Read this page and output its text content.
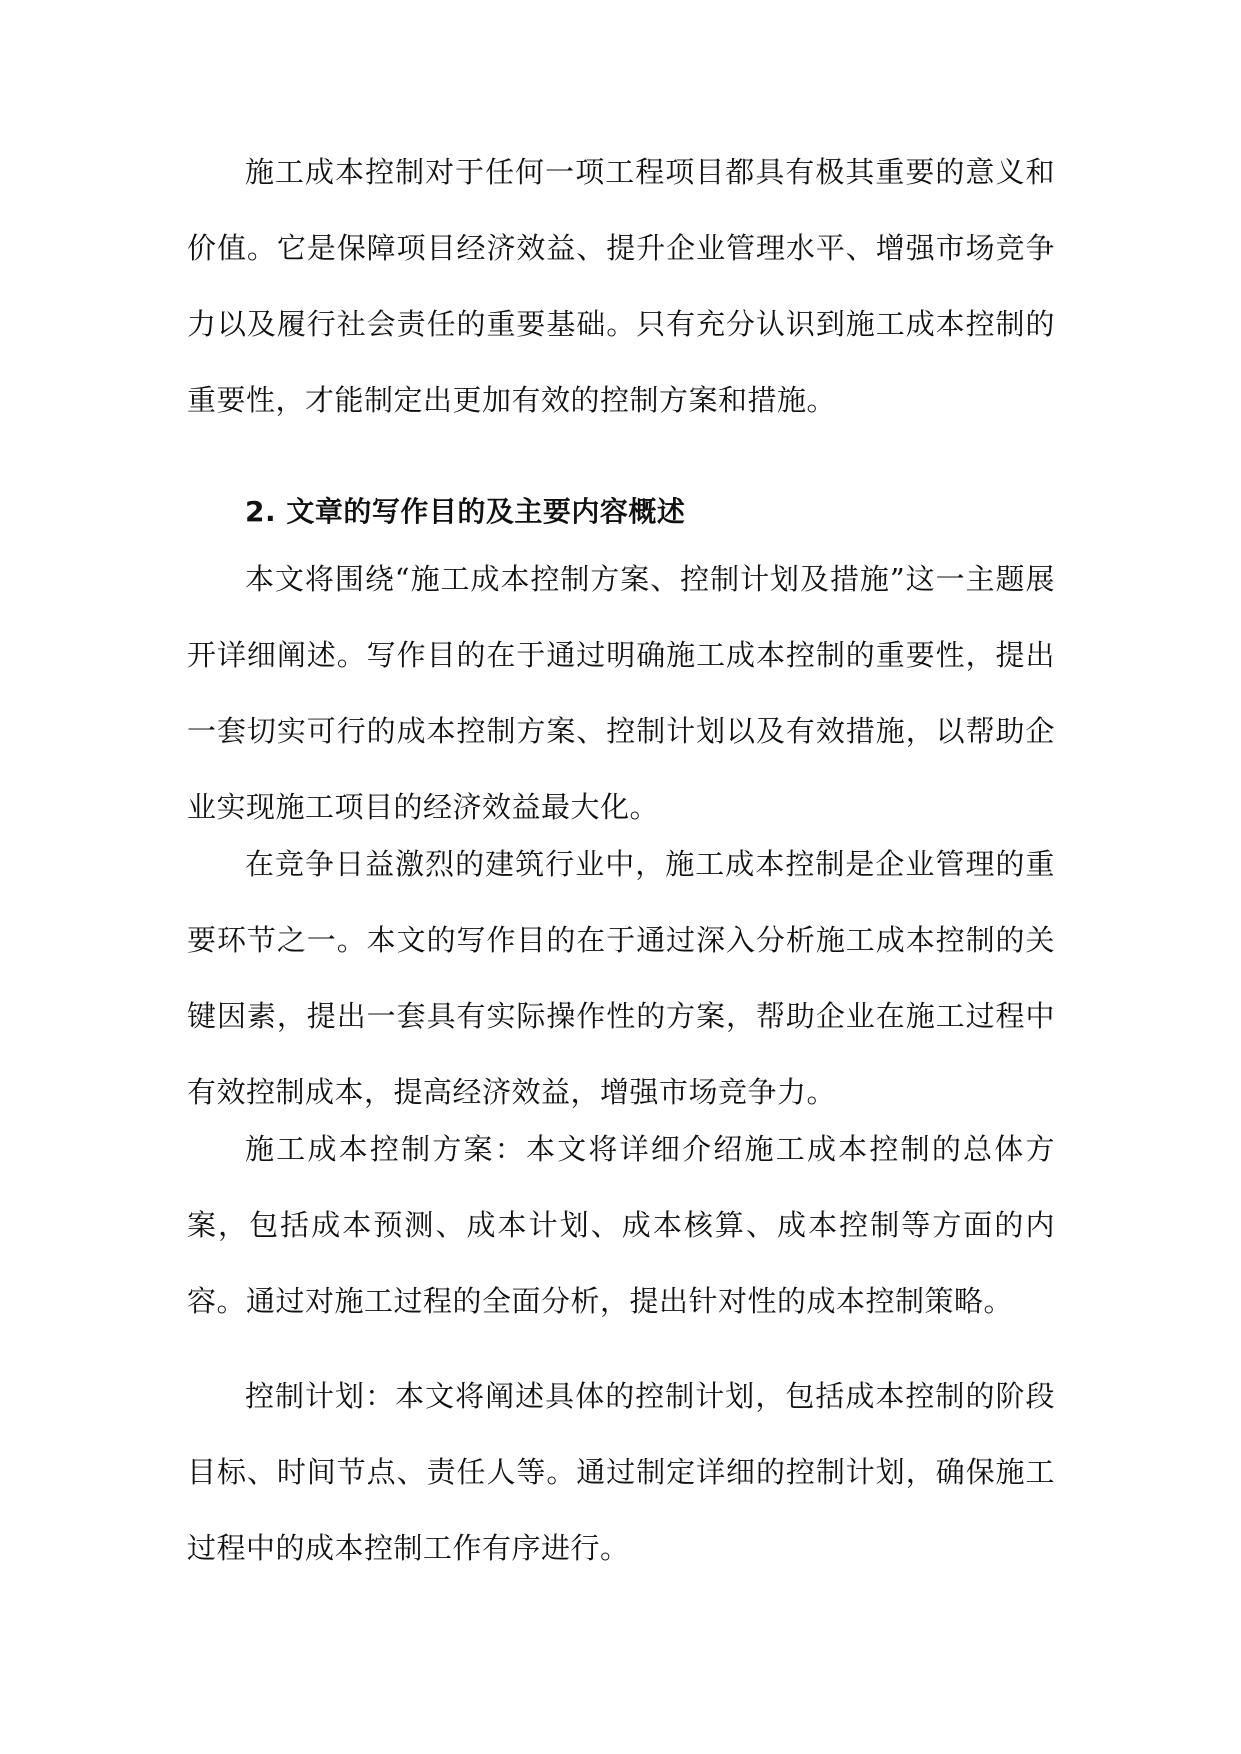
施工成本控制对于任何一项工程项目都具有极其重要的意义和价值。它是保障项目经济效益、提升企业管理水平、增强市场竞争力以及履行社会责任的重要基础。只有充分认识到施工成本控制的重要性，才能制定出更加有效的控制方案和措施。

2. 文章的写作目的及主要内容概述

本文将围绕“施工成本控制方案、控制计划及措施”这一主题展开详细阐述。写作目的在于通过明确施工成本控制的重要性，提出一套切实可行的成本控制方案、控制计划以及有效措施，以帮助企业实现施工项目的经济效益最大化。

在竞争日益激烈的建筑行业中，施工成本控制是企业管理的重要环节之一。本文的写作目的在于通过深入分析施工成本控制的关键因素，提出一套具有实际操作性的方案，帮助企业在施工过程中有效控制成本，提高经济效益，增强市场竞争力。

施工成本控制方案：本文将详细介绍施工成本控制的总体方案，包括成本预测、成本计划、成本核算、成本控制等方面的内容。通过对施工过程的全面分析，提出针对性的成本控制策略。

控制计划：本文将阐述具体的控制计划，包括成本控制的阶段目标、时间节点、责任人等。通过制定详细的控制计划，确保施工过程中的成本控制工作有序进行。
